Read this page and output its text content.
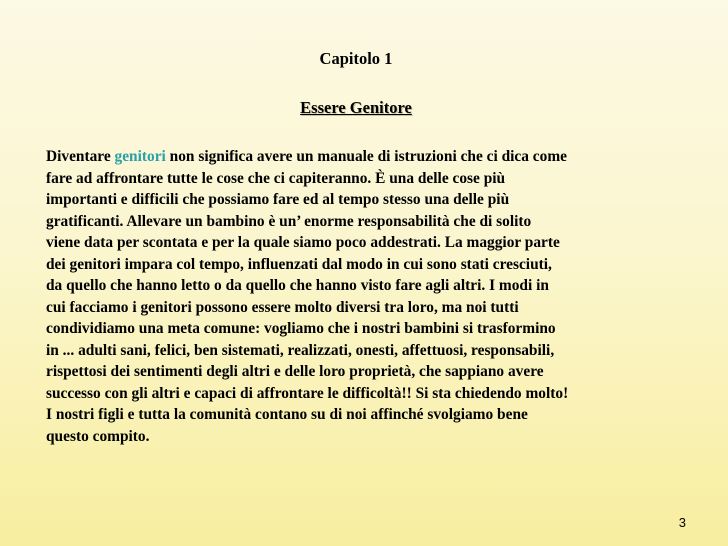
Capitolo 1
Essere Genitore

Diventare genitori non significa avere un manuale di istruzioni che ci dica come
fare ad affrontare tutte le cose che ci capiteranno. È una delle cose più
importanti e difficili che possiamo fare ed al tempo stesso una delle più
gratificanti. Allevare un bambino è un’ enorme responsabilità che di solito
viene data per scontata e per la quale siamo poco addestrati. La maggior parte
dei genitori impara col tempo, influenzati dal modo in cui sono stati cresciuti,
da quello che hanno letto o da quello che hanno visto fare agli altri. I modi in
cui facciamo i genitori possono essere molto diversi tra loro, ma noi tutti
condividiamo una meta comune: vogliamo che i nostri bambini si trasformino
in ... adulti sani, felici, ben sistemati, realizzati, onesti, affettuosi, responsabili,
rispettosi dei sentimenti degli altri e delle loro proprietà, che sappiano avere
successo con gli altri e capaci di affrontare le difficoltà!! Si sta chiedendo molto!
I nostri figli e tutta la comunità contano su di noi affinché svolgiamo bene
questo compito.

3
